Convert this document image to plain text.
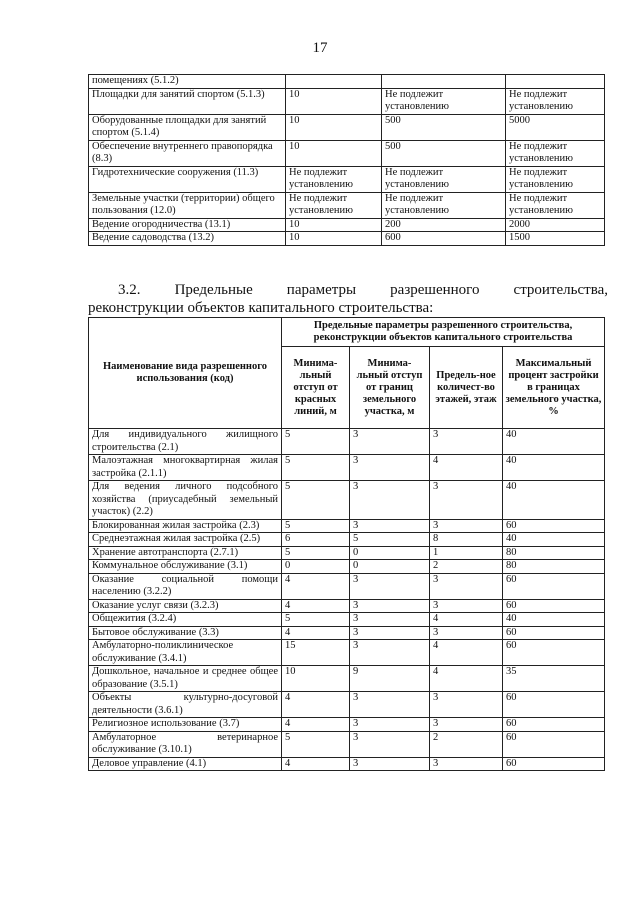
17
помещениях (5.1.2)			
Площадки для занятий спортом (5.1.3)	10	Не подлежит установлению	Не подлежит установлению
Оборудованные площадки для занятий спортом (5.1.4)	10	500	5000
Обеспечение внутреннего правопорядка (8.3)	10	500	Не подлежит установлению
Гидротехнические сооружения (11.3)	Не подлежит установлению	Не подлежит установлению	Не подлежит установлению
Земельные участки (территории) общего пользования (12.0)	Не подлежит установлению	Не подлежит установлению	Не подлежит установлению
Ведение огородничества (13.1)	10	200	2000
Ведение садоводства (13.2)	10	600	1500
3.2. Предельные параметры разрешенного строительства,
реконструкции объектов капитального строительства:
Наименование вида разрешенного использования (код)	Предельные параметры разрешенного строительства, реконструкции объектов капитального строительства			
	Минима-льный отступ от красных линий, м	Минима-льный отступ от границ земельного участка, м	Предель-ное количест-во этажей, этаж	Максимальный процент застройки в границах земельного участка, %
Для индивидуального жилищного строительства (2.1)	5	3	3	40
Малоэтажная многоквартирная жилая застройка (2.1.1)	5	3	4	40
Для ведения личного подсобного хозяйства (приусадебный земельный участок) (2.2)	5	3	3	40
Блокированная жилая застройка (2.3)	5	3	3	60
Среднеэтажная жилая застройка (2.5)	6	5	8	40
Хранение автотранспорта (2.7.1)	5	0	1	80
Коммунальное обслуживание (3.1)	0	0	2	80
Оказание социальной помощи населению (3.2.2)	4	3	3	60
Оказание услуг связи (3.2.3)	4	3	3	60
Общежития (3.2.4)	5	3	4	40
Бытовое обслуживание (3.3)	4	3	3	60
Амбулаторно-поликлиническое обслуживание (3.4.1)	15	3	4	60
Дошкольное, начальное и среднее общее образование (3.5.1)	10	9	4	35
Объекты культурно-досуговой деятельности (3.6.1)	4	3	3	60
Религиозное использование (3.7)	4	3	3	60
Амбулаторное ветеринарное обслуживание (3.10.1)	5	3	2	60
Деловое управление (4.1)	4	3	3	60
